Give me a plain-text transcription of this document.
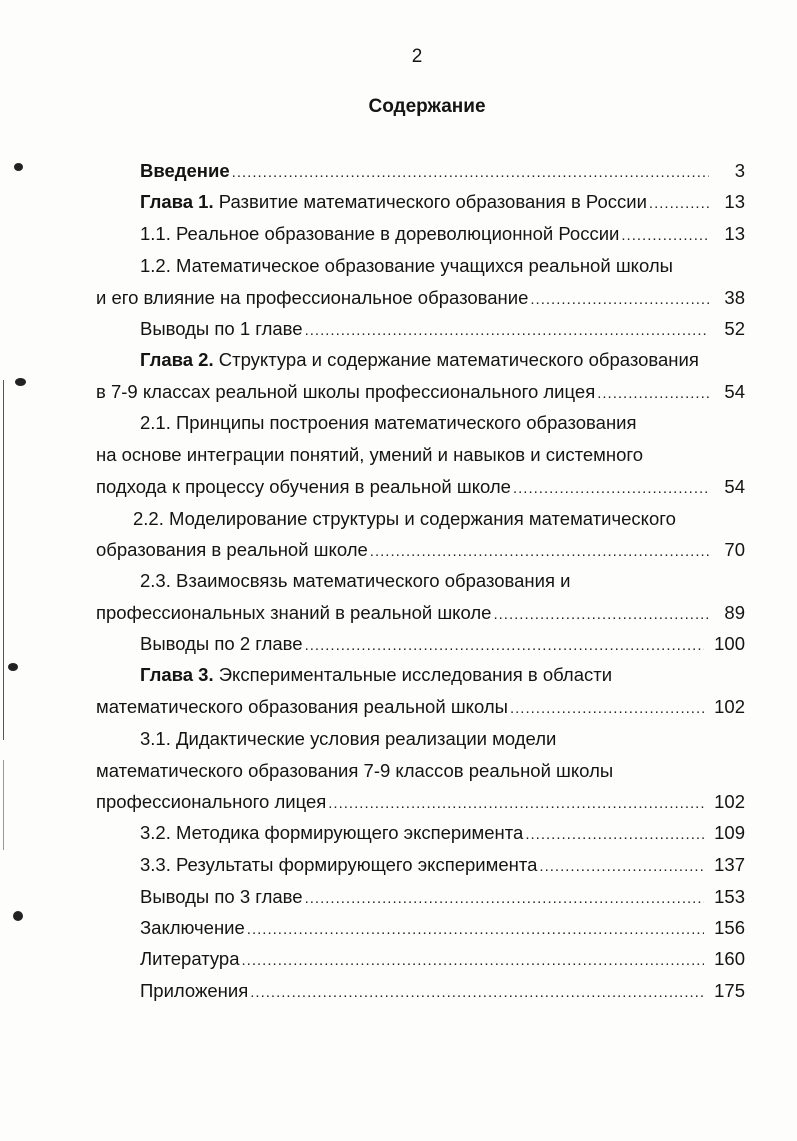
2
Содержание
Введение .....	3
Глава 1. Развитие математического образования в России .....	13
1.1. Реальное образование в дореволюционной России .....	13
1.2. Математическое образование учащихся реальной школы
и его влияние на профессиональное образование .....	38
Выводы по 1 главе .....	52
Глава 2. Структура и содержание математического образования
в 7-9 классах реальной школы профессионального лицея .....	54
2.1. Принципы построения математического образования
на основе интеграции понятий, умений и навыков и системного
подхода к процессу обучения в реальной школе .....	54
2.2. Моделирование структуры и содержания математического
образования в реальной школе .....	70
2.3. Взаимосвязь математического образования и
профессиональных знаний в реальной школе .....	89
Выводы по 2 главе .....	100
Глава 3. Экспериментальные исследования в области
математического образования реальной школы .....	102
3.1. Дидактические условия реализации модели
математического образования 7-9 классов реальной школы
профессионального лицея .....	102
3.2. Методика формирующего эксперимента .....	109
3.3. Результаты формирующего эксперимента .....	137
Выводы по 3 главе .....	153
Заключение .....	156
Литература .....	160
Приложения .....	175
